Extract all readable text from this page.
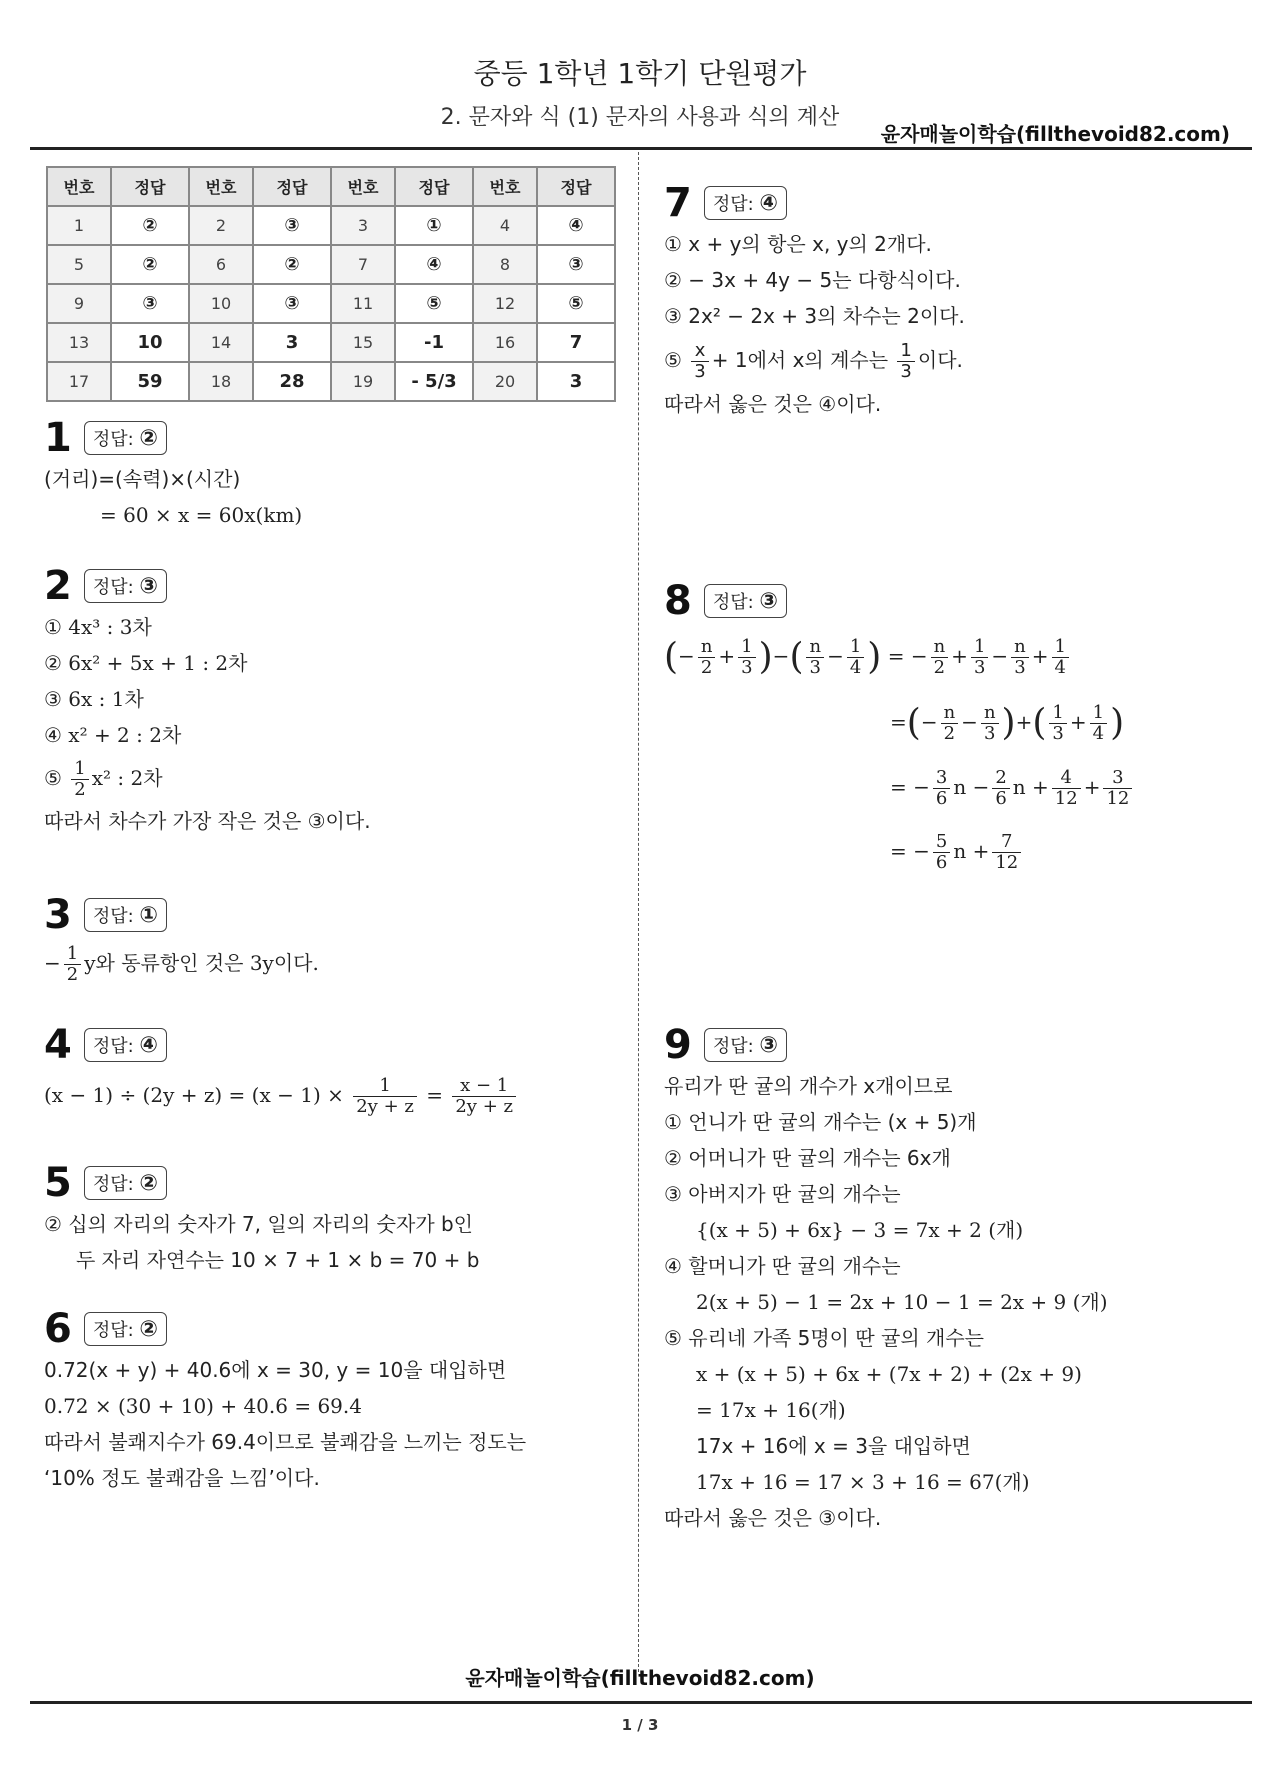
중등 1학년 1학기 단원평가
2. 문자와 식 (1) 문자의 사용과 식의 계산
윤자매놀이학습(fillthevoid82.com)
번호	정답	번호	정답	번호	정답	번호	정답
1	②	2	③	3	①	4	④
5	②	6	②	7	④	8	③
9	③	10	③	11	⑤	12	⑤
13	10	14	3	15	-1	16	7
17	59	18	28	19	- 5/3	20	3
1 정답: ②
(거리)=(속력)×(시간)
= 60 × x = 60x(km)
2 정답: ③
① 4x³ : 3차
② 6x² + 5x + 1 : 2차
③ 6x : 1차
④ x² + 2 : 2차
⑤ $\frac{1}{2} x^2$ : 2차
따라서 차수가 가장 작은 것은 ③이다.
3 정답: ①
− $\frac{1}{2}$ y와 동류항인 것은 3y이다.
4 정답: ④
$(x - 1) \div (2y + z) = (x - 1) \times \frac{1}{2y + z} = \frac{x - 1}{2y + z}$
5 정답: ②
② 십의 자리의 숫자가 7, 일의 자리의 숫자가 b인
두 자리 자연수는 10 × 7 + 1 × b = 70 + b
6 정답: ②
0.72(x + y) + 40.6에 x = 30, y = 10을 대입하면
0.72 × (30 + 10) + 40.6 = 69.4
따라서 불쾌지수가 69.4이므로 불쾌감을 느끼는 정도는
‘10% 정도 불쾌감을 느낌’이다.
7 정답: ④
① x + y의 항은 x, y의 2개다.
② − 3x + 4y − 5는 다항식이다.
③ 2x² − 2x + 3의 차수는 2이다.
⑤ $\frac{x}{3} + 1$에서 x의 계수는 $\frac{1}{3}$ 이다.
따라서 옳은 것은 ④이다.
8 정답: ③
(− $\frac{n}{2} + \frac{1}{3}$ )−( $\frac{n}{3} - \frac{1}{4}$ ) = − $\frac{n}{2} + \frac{1}{3} - \frac{n}{3} + \frac{1}{4}$
=(− $\frac{n}{2} - \frac{n}{3}$ )+( $\frac{1}{3} + \frac{1}{4}$ )
= − $\frac{3}{6}$ $n - \frac{2}{6}$ $n + \frac{4}{12} + \frac{3}{12}$
= − $\frac{5}{6}$ $n + \frac{7}{12}$
9 정답: ③
유리가 딴 귤의 개수가 x개이므로
① 언니가 딴 귤의 개수는 (x + 5)개
② 어머니가 딴 귤의 개수는 6x개
③ 아버지가 딴 귤의 개수는
{(x + 5) + 6x} − 3 = 7x + 2 (개)
④ 할머니가 딴 귤의 개수는
2(x + 5) − 1 = 2x + 10 − 1 = 2x + 9 (개)
⑤ 유리네 가족 5명이 딴 귤의 개수는
x + (x + 5) + 6x + (7x + 2) + (2x + 9)
= 17x + 16(개)
17x + 16에 x = 3을 대입하면
17x + 16 = 17 × 3 + 16 = 67(개)
따라서 옳은 것은 ③이다.
윤자매놀이학습(fillthevoid82.com)
1 / 3
